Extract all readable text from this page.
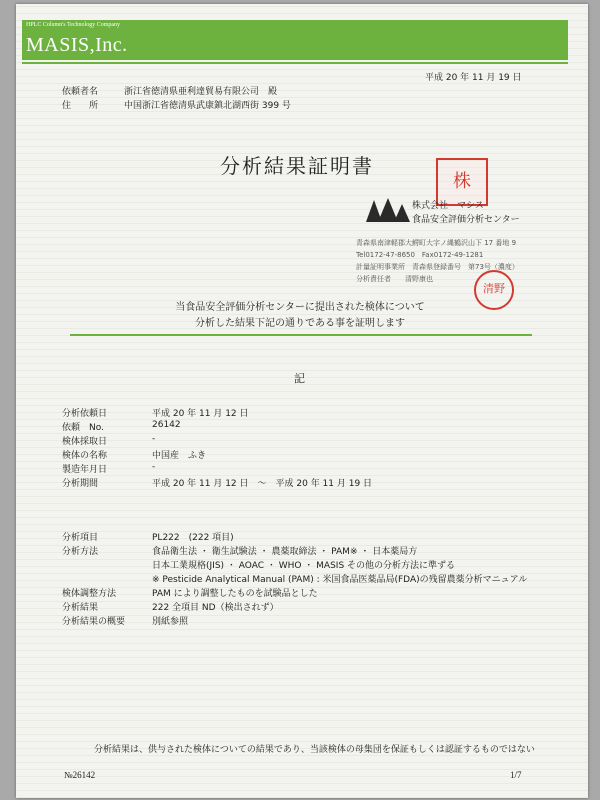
HPLC Column's Technology Company
MASIS,Inc.
平成 20 年 11 月 19 日
依頼者名	浙江省徳清県亜利達貿易有限公司　殿
住　　所	中国浙江省徳清県武康鎮北湖西街 399 号
分析結果証明書
株
株式会社　マシス
食品安全評価分析センター
青森県南津軽郡大鰐町大字ノ縄鶴沢山下 17 番地 9
Tel0172-47-8650　Fax0172-49-1281
計量証明事業所　青森県登録番号　第73号（濃度）
分析責任者　　清野康也
清野
当食品安全評価分析センターに提出された検体について
分析した結果下記の通りである事を証明します
記
分析依頼日	平成 20 年 11 月 12 日
依頼　No.	26142
検体採取日	-
検体の名称	中国産　ふき
製造年月日	-
分析期間	平成 20 年 11 月 12 日　〜　平成 20 年 11 月 19 日
分析項目	PL222　(222 項目)
分析方法	食品衛生法 ・ 衛生試験法 ・ 農薬取締法 ・ PAM※ ・ 日本薬局方
日本工業規格(JIS) ・ AOAC ・ WHO ・ MASIS その他の分析方法に準ずる
※ Pesticide Analytical Manual (PAM) : 米国食品医薬品局(FDA)の残留農薬分析マニュアル
検体調整方法	PAM により調整したものを試験品とした
分析結果	222 全項目 ND（検出されず）
分析結果の概要	別紙参照
分析結果は、供与された検体についての結果であり、当該検体の母集団を保証もしくは認証するものではない
№26142	1/7
